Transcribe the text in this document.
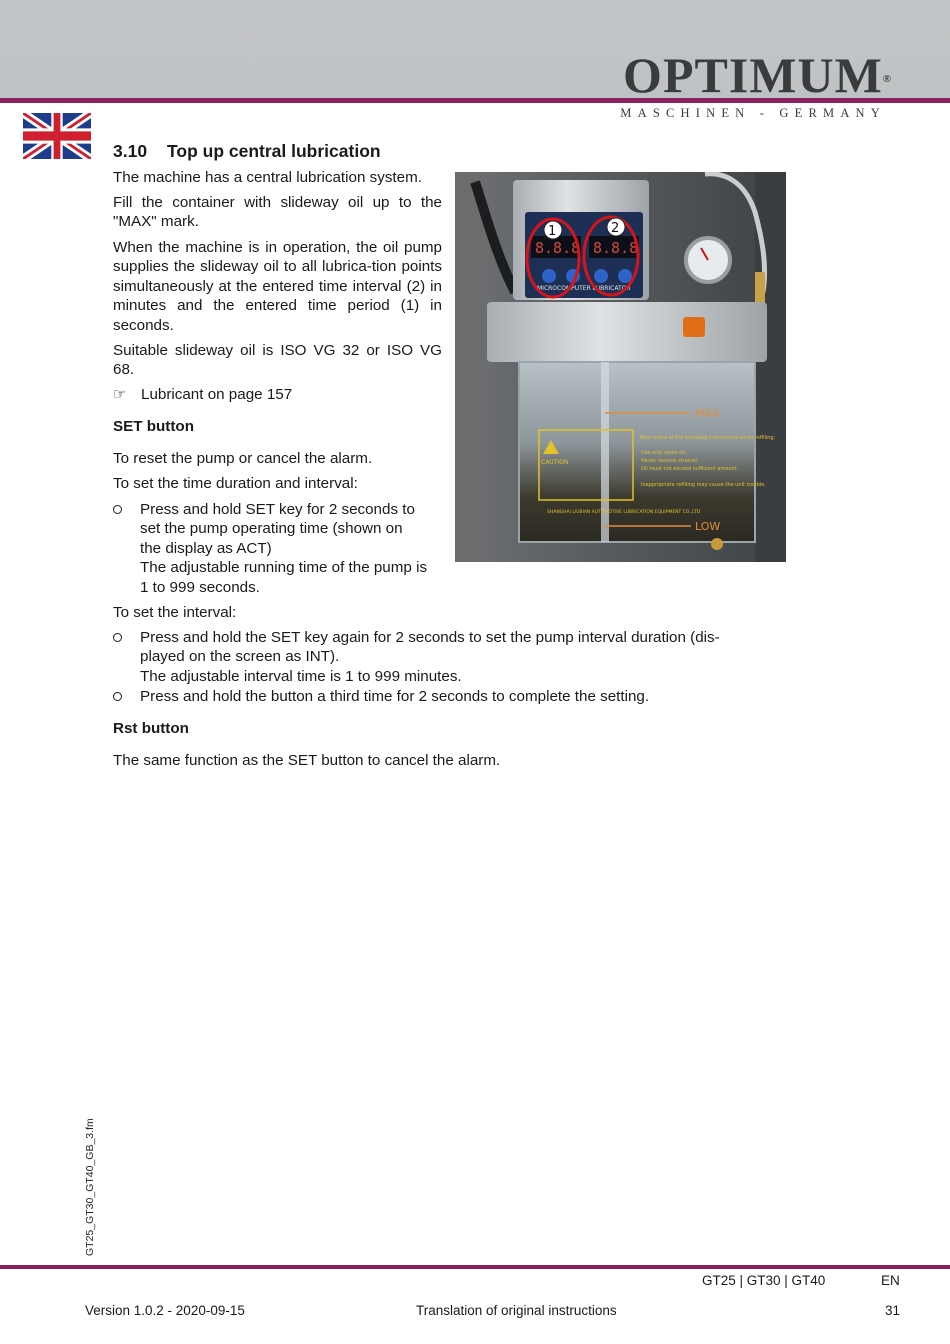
OPTIMUM®
MASCHINEN - GERMANY
3.10 Top up central lubrication

The machine has a central lubrication system.

Fill the container with slideway oil up to the "MAX" mark.

When the machine is in operation, the oil pump supplies the slideway oil to all lubrica-tion points simultaneously at the entered time interval (2) in minutes and the entered time period (1) in seconds.

Suitable slideway oil is ISO VG 32 or ISO VG 68.

☞ Lubricant on page 157
SET button

To reset the pump or cancel the alarm.

To set the time duration and interval:

Press and hold SET key for 2 seconds to
set the pump operating time (shown on
the display as ACT)
The adjustable running time of the pump is
1 to 999 seconds.

To set the interval:

Press and hold the SET key again for 2 seconds to set the pump interval duration (dis-
played on the screen as INT).
The adjustable interval time is 1 to 999 minutes.
Press and hold the button a third time for 2 seconds to complete the setting.
Rst button

The same function as the SET button to cancel the alarm.

8.8.8 8.8.8
MICROCOMPUTER LUBRICATOR
1	2
MAX
LOW
CAUTION
Take notice of the following instructions when refilling:
Use only clean oil.
Never remove strainer.
Oil must not exceed sufficient amount.
Inappropriate refilling may cause the unit trouble.
SHANGHAI LIUBIAN AUTOMOTIVE LUBRICATION EQUIPMENT CO.,LTD
GT25_GT30_GT40_GB_3.fm
GT25 | GT30 | GT40	EN
Version 1.0.2 - 2020-09-15	Translation of original instructions	31
